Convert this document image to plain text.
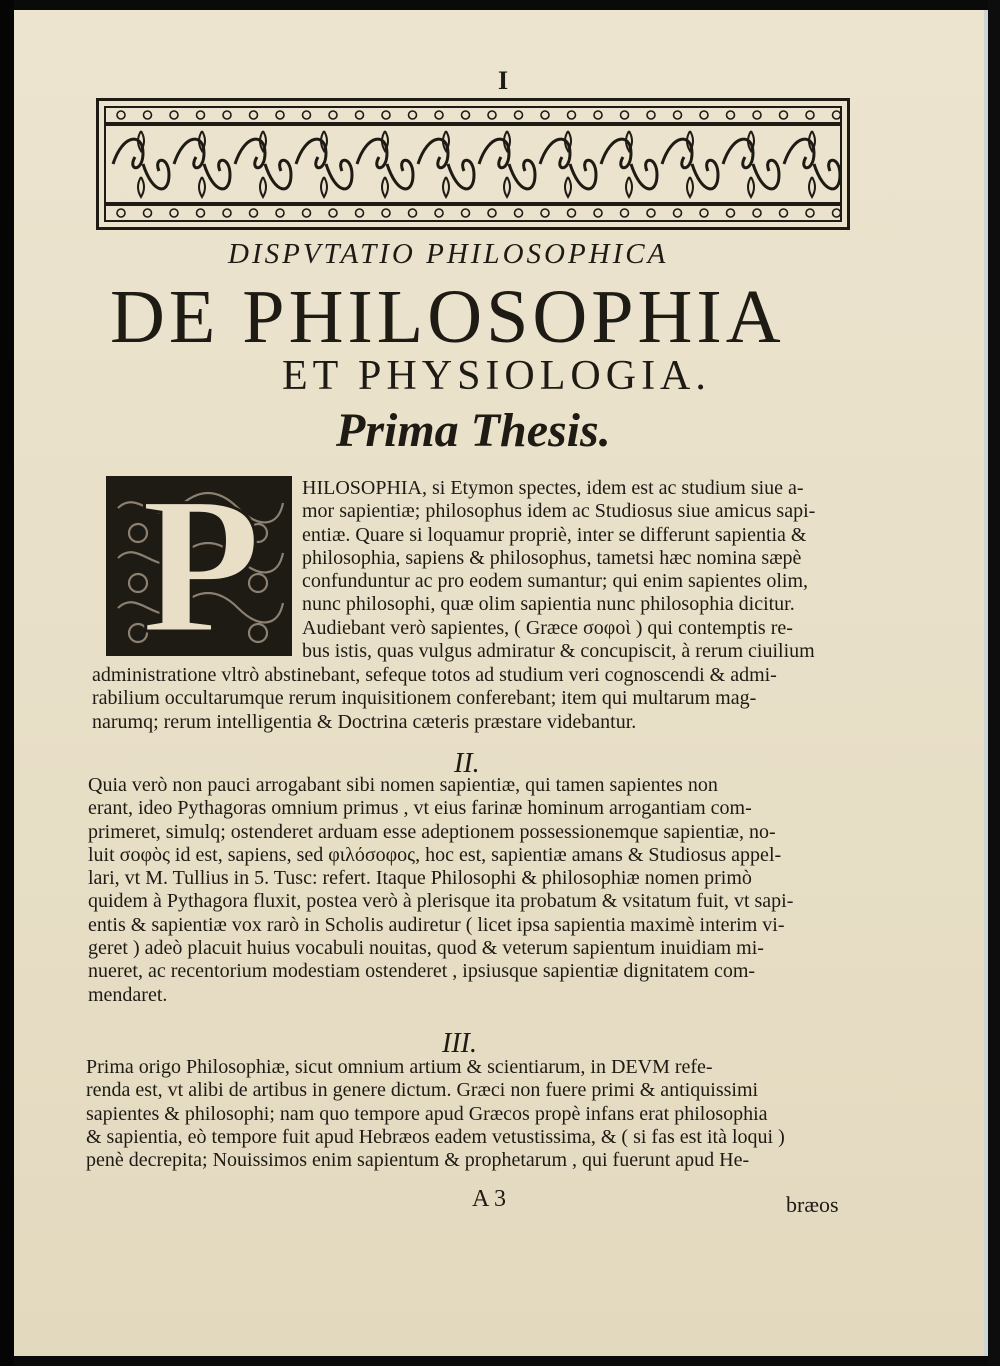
I
DISPVTATIO PHILOSOPHICA
DE PHILOSOPHIA
ET PHYSIOLOGIA.
Prima Thesis.
P	HILOSOPHIA, si Etymon spectes, idem est ac studium siue a-
mor sapientiæ; philosophus idem ac Studiosus siue amicus sapi-
entiæ. Quare si loquamur propriè, inter se differunt sapientia &
philosophia, sapiens & philosophus, tametsi hæc nomina sæpè
confunduntur ac pro eodem sumantur; qui enim sapientes olim,
nunc philosophi, quæ olim sapientia nunc philosophia dicitur.
Audiebant verò sapientes, ( Græce σοφοὶ ) qui contemptis re-
bus istis, quas vulgus admiratur & concupiscit, à rerum ciuilium
administratione vltrò abstinebant, sefeque totos ad studium veri cognoscendi & admi-
rabilium occultarumque rerum inquisitionem conferebant; item qui multarum mag-
narumq; rerum intelligentia & Doctrina cæteris præstare videbantur.
II.
Quia verò non pauci arrogabant sibi nomen sapientiæ, qui tamen sapientes non
erant, ideo Pythagoras omnium primus , vt eius farinæ hominum arrogantiam com-
primeret, simulq; ostenderet arduam esse adeptionem possessionemque sapientiæ, no-
luit σοφὸς id est, sapiens, sed φιλόσοφος, hoc est, sapientiæ amans & Studiosus appel-
lari, vt M. Tullius in 5. Tusc: refert. Itaque Philosophi & philosophiæ nomen primò
quidem à Pythagora fluxit, postea verò à plerisque ita probatum & vsitatum fuit, vt sapi-
entis & sapientiæ vox rarò in Scholis audiretur ( licet ipsa sapientia maximè interim vi-
geret ) adeò placuit huius vocabuli nouitas, quod & veterum sapientum inuidiam mi-
nueret, ac recentorium modestiam ostenderet , ipsiusque sapientiæ dignitatem com-
mendaret.
III.
Prima origo Philosophiæ, sicut omnium artium & scientiarum, in DEVM refe-
renda est, vt alibi de artibus in genere dictum. Græci non fuere primi & antiquissimi
sapientes & philosophi; nam quo tempore apud Græcos propè infans erat philosophia
& sapientia, eò tempore fuit apud Hebræos eadem vetustissima, & ( si fas est ità loqui )
penè decrepita; Nouissimos enim sapientum & prophetarum , qui fuerunt apud He-
A 3	bræos
